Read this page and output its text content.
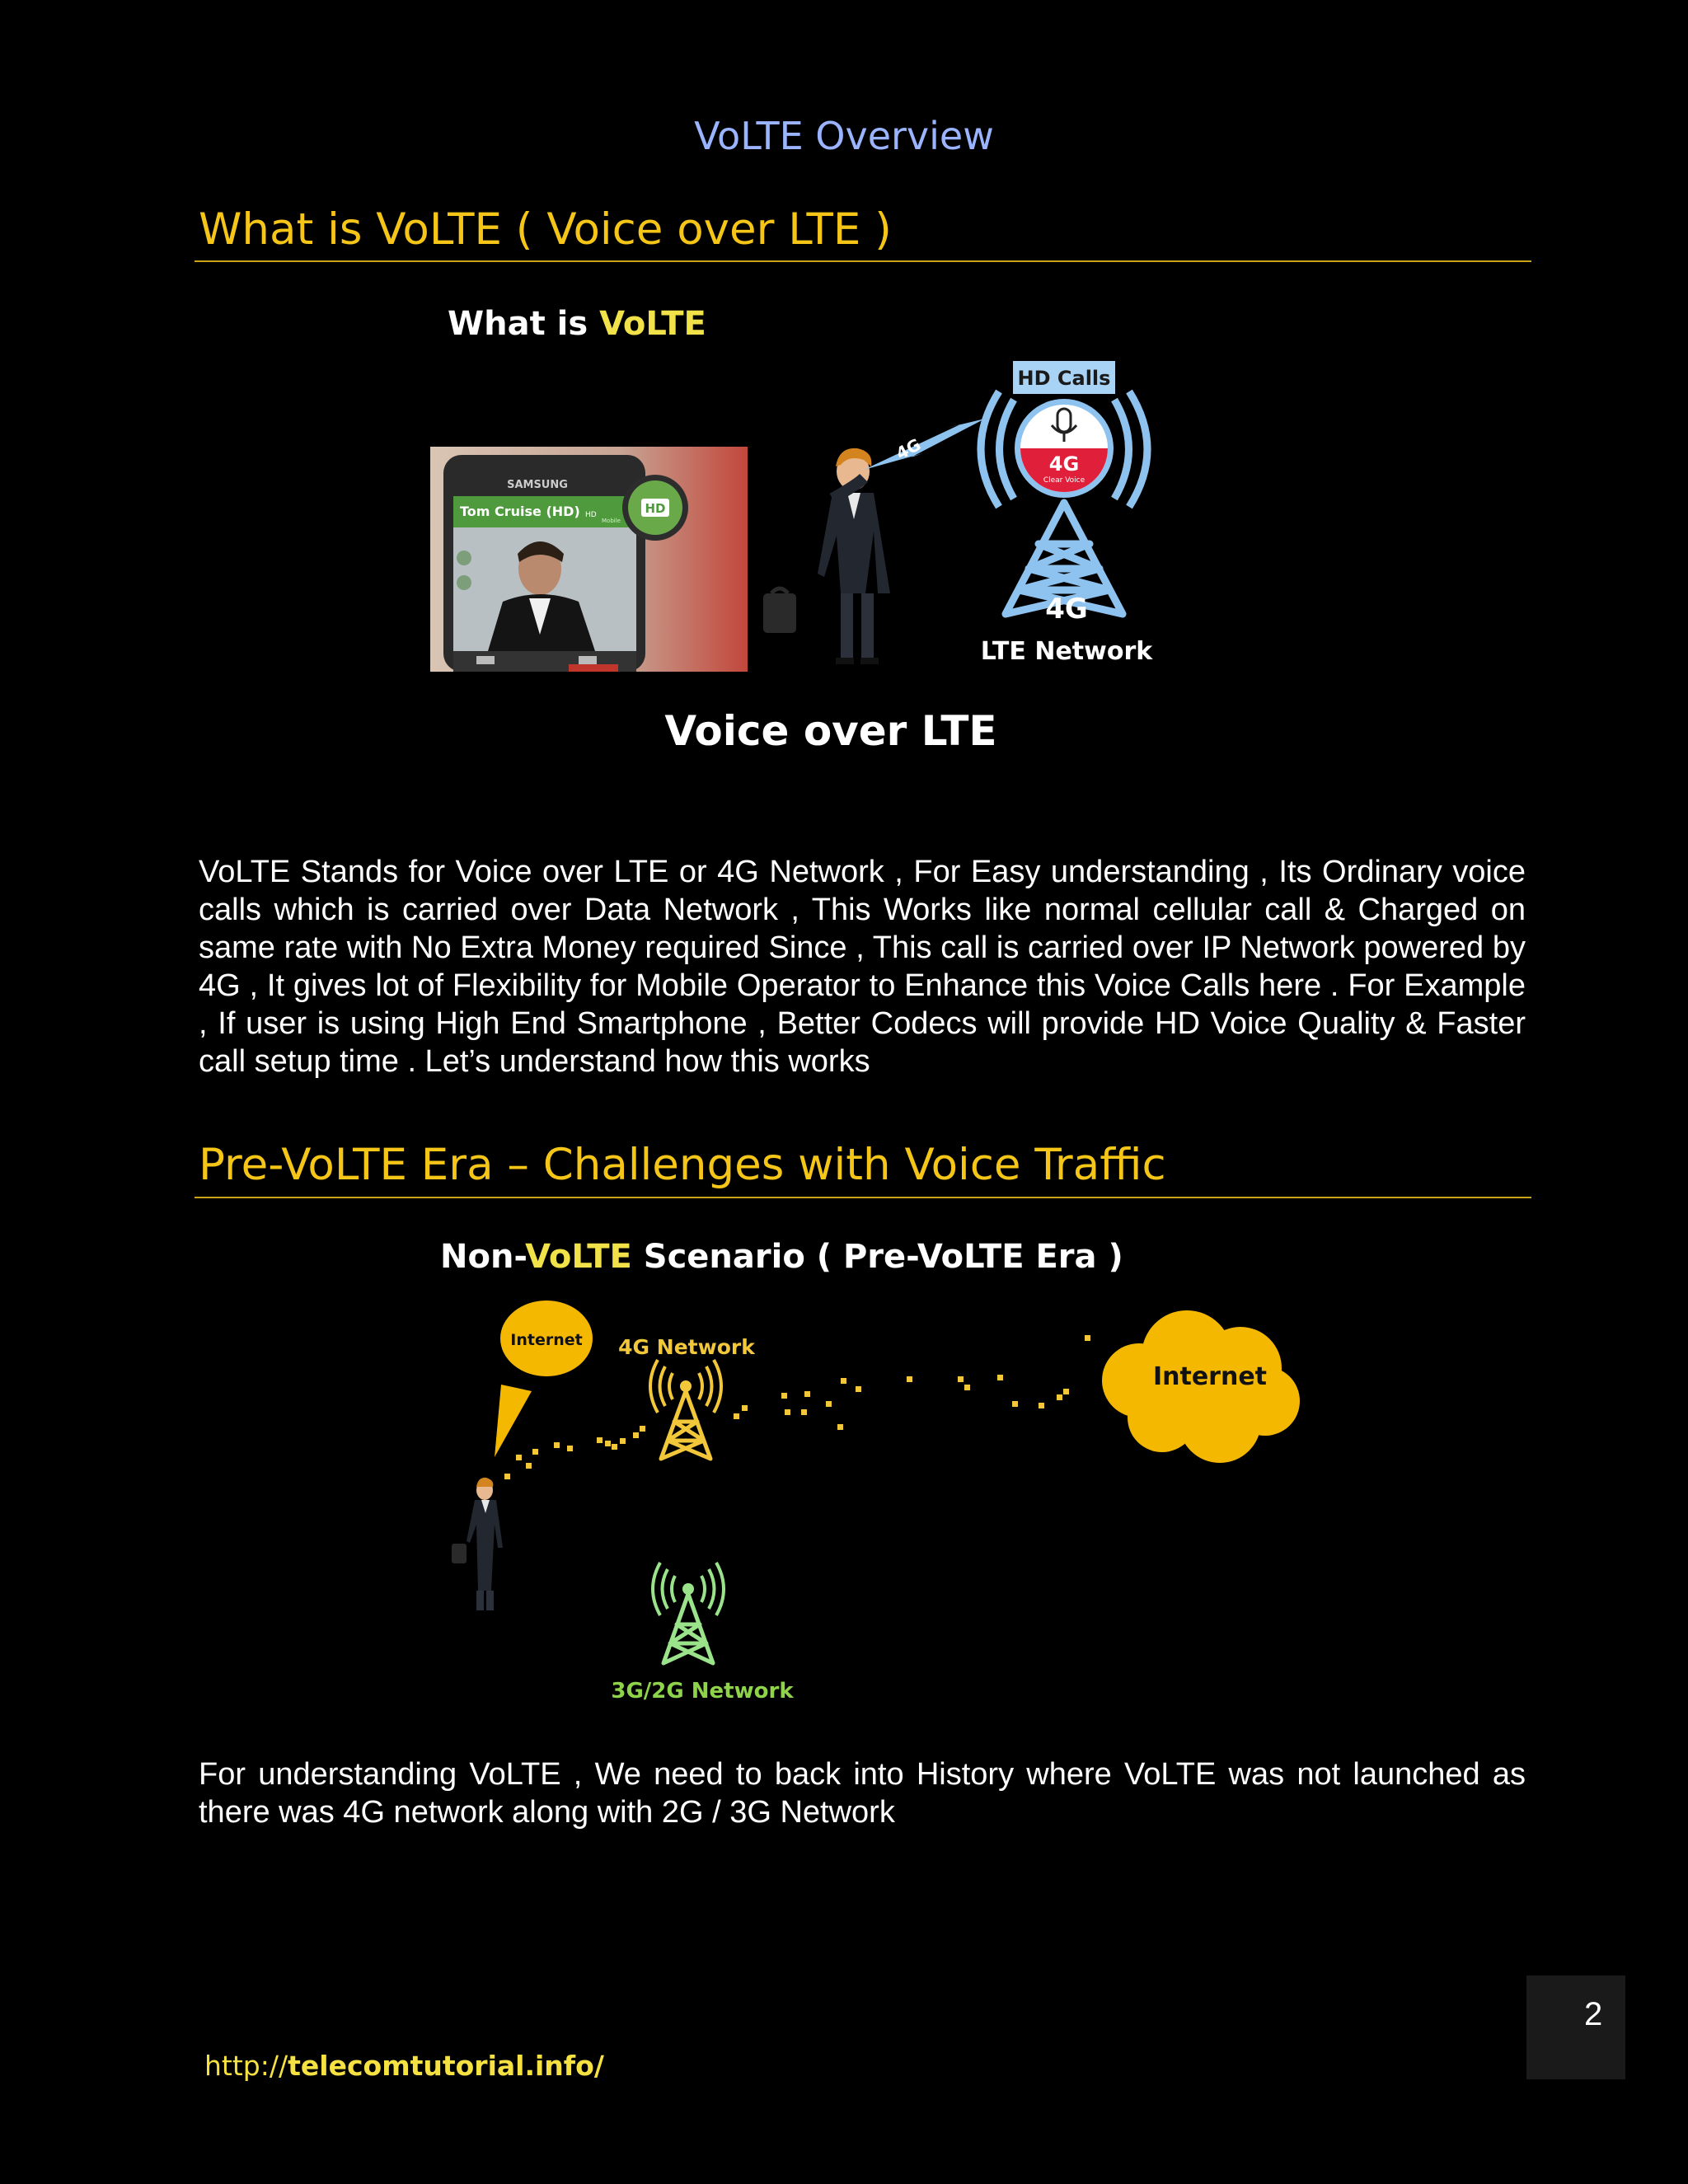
VoLTE Overview
What is VoLTE ( Voice over LTE )
What is VoLTE
SAMSUNG
Tom Cruise (HD) HD
Mobile
HD
4G
HD Calls
4G
Clear Voice
4G
LTE Network
Voice over LTE
VoLTE Stands for Voice over LTE or 4G Network , For Easy understanding , Its Ordinary voice calls which is carried over Data Network , This Works like normal cellular call & Charged on same rate with No Extra Money required Since , This call is carried over IP Network powered by 4G , It gives lot of Flexibility for Mobile Operator to Enhance this Voice Calls here . For Example , If user is using High End Smartphone , Better Codecs will provide HD Voice Quality & Faster call setup time . Let’s understand how this works
Pre-VoLTE Era – Challenges with Voice Traffic
Non-VoLTE Scenario ( Pre-VoLTE Era )
Internet 4G Network
Internet
3G/2G Network
For understanding VoLTE , We need to back into History where VoLTE was not launched as there was 4G network along with 2G / 3G Network
2
http://telecomtutorial.info/
